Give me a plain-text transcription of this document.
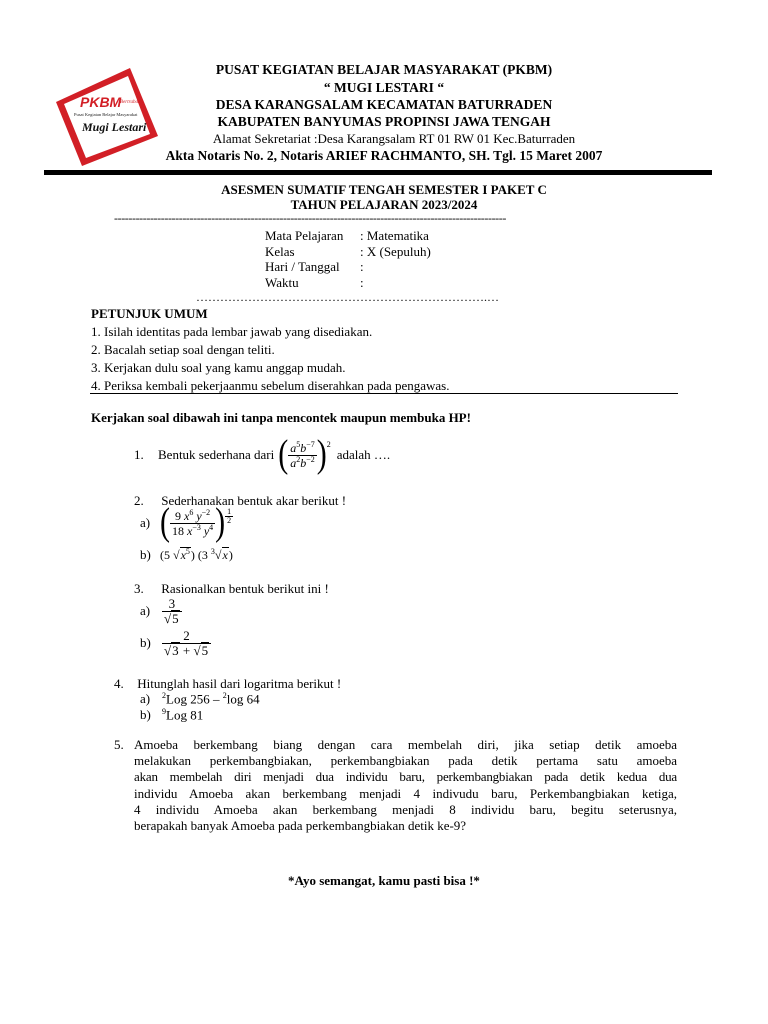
PKBM
Bertrabakti
Pusat Kegiatan Belajar Masyarakat
Mugi Lestari
PUSAT KEGIATAN BELAJAR MASYARAKAT (PKBM)
“ MUGI LESTARI “
DESA KARANGSALAM KECAMATAN BATURRADEN
KABUPATEN BANYUMAS PROPINSI JAWA TENGAH
Alamat Sekretariat :Desa Karangsalam RT 01 RW 01 Kec.Baturraden
Akta Notaris No. 2, Notaris ARIEF RACHMANTO, SH. Tgl. 15 Maret 2007
ASESMEN SUMATIF TENGAH SEMESTER I PAKET C
TAHUN PELAJARAN 2023/2024
-------------------------------------------------------------------------------------------------------------
Mata Pelajaran : Matematika
Kelas	: X (Sepuluh)
Hari / Tanggal :
Waktu	:
……………………………………………………………….…
PETUNJUK UMUM
1. Isilah identitas pada lembar jawab yang disediakan.
2. Bacalah setiap soal dengan teliti.
3. Kerjakan dulu soal yang kamu anggap mudah.
4. Periksa kembali pekerjaanmu sebelum diserahkan pada pengawas.
Kerjakan soal dibawah ini tanpa mencontek maupun membuka HP!
1.	Bentuk sederhana dari ( $\frac{a^5b^{-7}}{a^2b^{-2}}$ ) 2
adalah ….
2. Sederhanakan bentuk akar berikut !
a) ( $\frac{9 x^6 y^{-2}}{18 x^{-3} y^4}$ ) $\frac{1}{2}$
b) (5 $√x^5$) (3 $^3$√x)
3. Rasionalkan bentuk berikut ini !
$a) \frac{3}{√5}$
$b) \frac{2}{√3 + √5}$
4. Hitunglah hasil dari logaritma berikut !
a) $^2$Log 256 – $^2$log 64
b) $^9$Log 81
5. Amoeba berkembang biang dengan cara membelah diri, jika setiap detik amoeba
melakukan perkembangbiakan, perkembangbiakan pada detik pertama satu amoeba
akan membelah diri menjadi dua individu baru, perkembangbiakan pada detik kedua dua
individu Amoeba akan berkembang menjadi 4 indivudu baru, Perkembangbiakan ketiga,
4 individu Amoeba akan berkembang menjadi 8 individu baru, begitu seterusnya,
berapakah banyak Amoeba pada perkembangbiakan detik ke-9?
*Ayo semangat, kamu pasti bisa !*
